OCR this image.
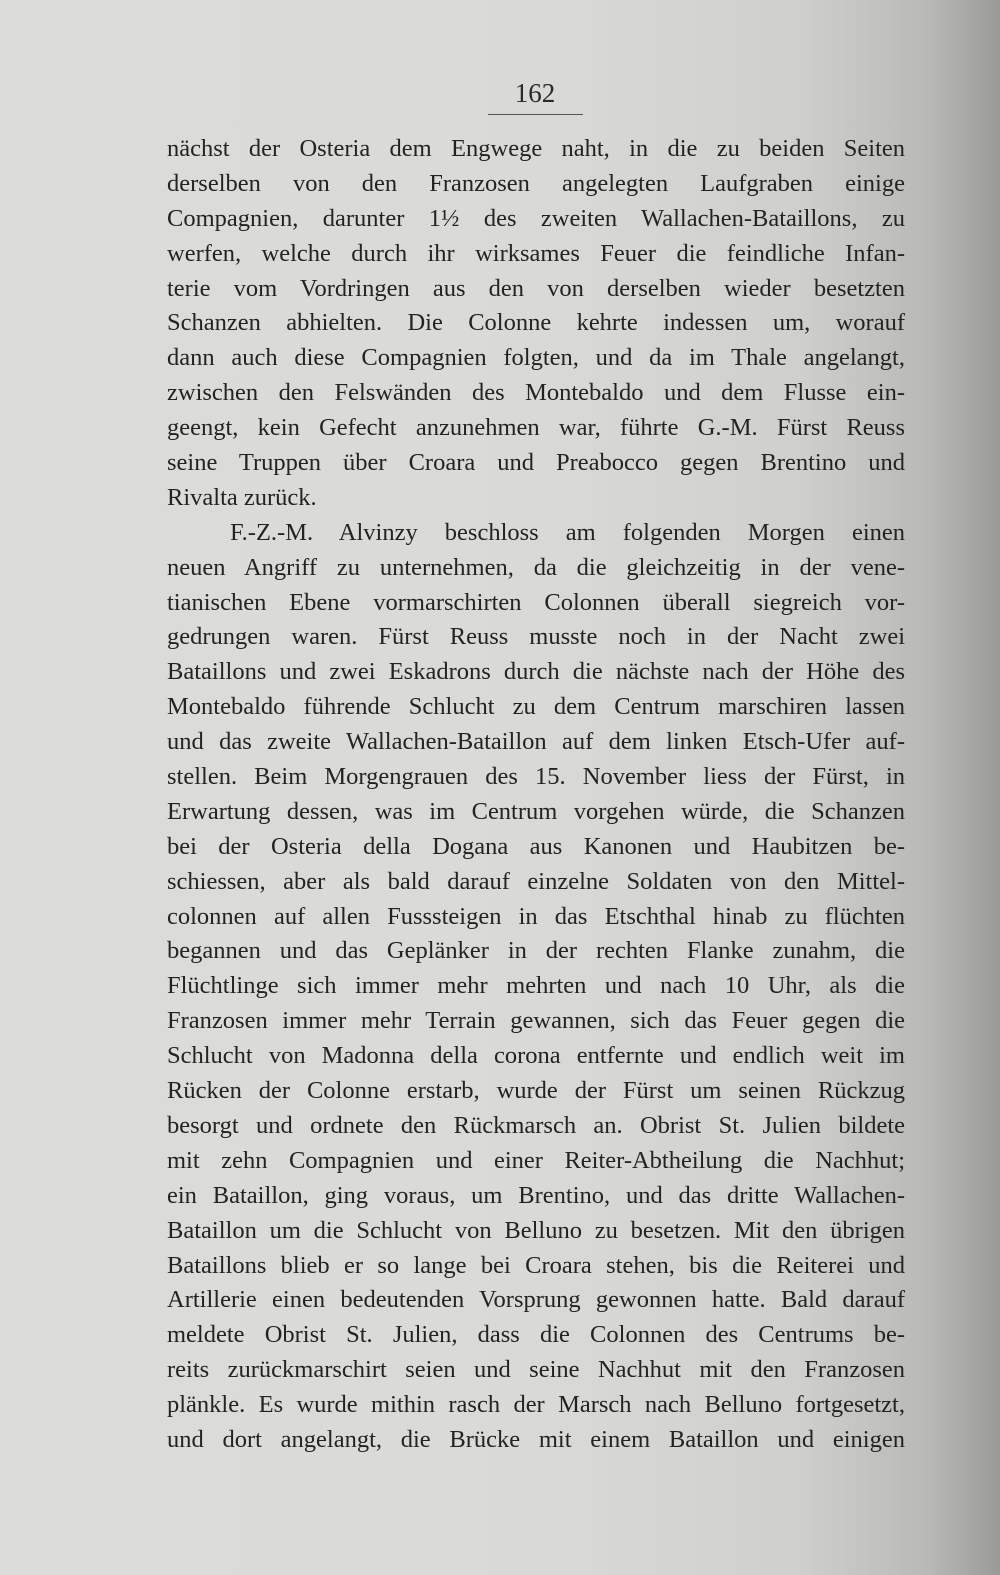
162
nächst der Osteria dem Engwege naht, in die zu beiden Seiten
derselben von den Franzosen angelegten Laufgraben einige
Compagnien, darunter 1½ des zweiten Wallachen-Bataillons, zu
werfen, welche durch ihr wirksames Feuer die feindliche Infan-
terie vom Vordringen aus den von derselben wieder besetzten
Schanzen abhielten. Die Colonne kehrte indessen um, worauf
dann auch diese Compagnien folgten, und da im Thale angelangt,
zwischen den Felswänden des Montebaldo und dem Flusse ein-
geengt, kein Gefecht anzunehmen war, führte G.-M. Fürst Reuss
seine Truppen über Croara und Preabocco gegen Brentino und
Rivalta zurück.
F.-Z.-M. Alvinzy beschloss am folgenden Morgen einen
neuen Angriff zu unternehmen, da die gleichzeitig in der vene-
tianischen Ebene vormarschirten Colonnen überall siegreich vor-
gedrungen waren. Fürst Reuss musste noch in der Nacht zwei
Bataillons und zwei Eskadrons durch die nächste nach der Höhe des
Montebaldo führende Schlucht zu dem Centrum marschiren lassen
und das zweite Wallachen-Bataillon auf dem linken Etsch-Ufer auf-
stellen. Beim Morgengrauen des 15. November liess der Fürst, in
Erwartung dessen, was im Centrum vorgehen würde, die Schanzen
bei der Osteria della Dogana aus Kanonen und Haubitzen be-
schiessen, aber als bald darauf einzelne Soldaten von den Mittel-
colonnen auf allen Fusssteigen in das Etschthal hinab zu flüchten
begannen und das Geplänker in der rechten Flanke zunahm, die
Flüchtlinge sich immer mehr mehrten und nach 10 Uhr, als die
Franzosen immer mehr Terrain gewannen, sich das Feuer gegen die
Schlucht von Madonna della corona entfernte und endlich weit im
Rücken der Colonne erstarb, wurde der Fürst um seinen Rückzug
besorgt und ordnete den Rückmarsch an. Obrist St. Julien bildete
mit zehn Compagnien und einer Reiter-Abtheilung die Nachhut;
ein Bataillon, ging voraus, um Brentino, und das dritte Wallachen-
Bataillon um die Schlucht von Belluno zu besetzen. Mit den übrigen
Bataillons blieb er so lange bei Croara stehen, bis die Reiterei und
Artillerie einen bedeutenden Vorsprung gewonnen hatte. Bald darauf
meldete Obrist St. Julien, dass die Colonnen des Centrums be-
reits zurückmarschirt seien und seine Nachhut mit den Franzosen
plänkle. Es wurde mithin rasch der Marsch nach Belluno fortgesetzt,
und dort angelangt, die Brücke mit einem Bataillon und einigen
